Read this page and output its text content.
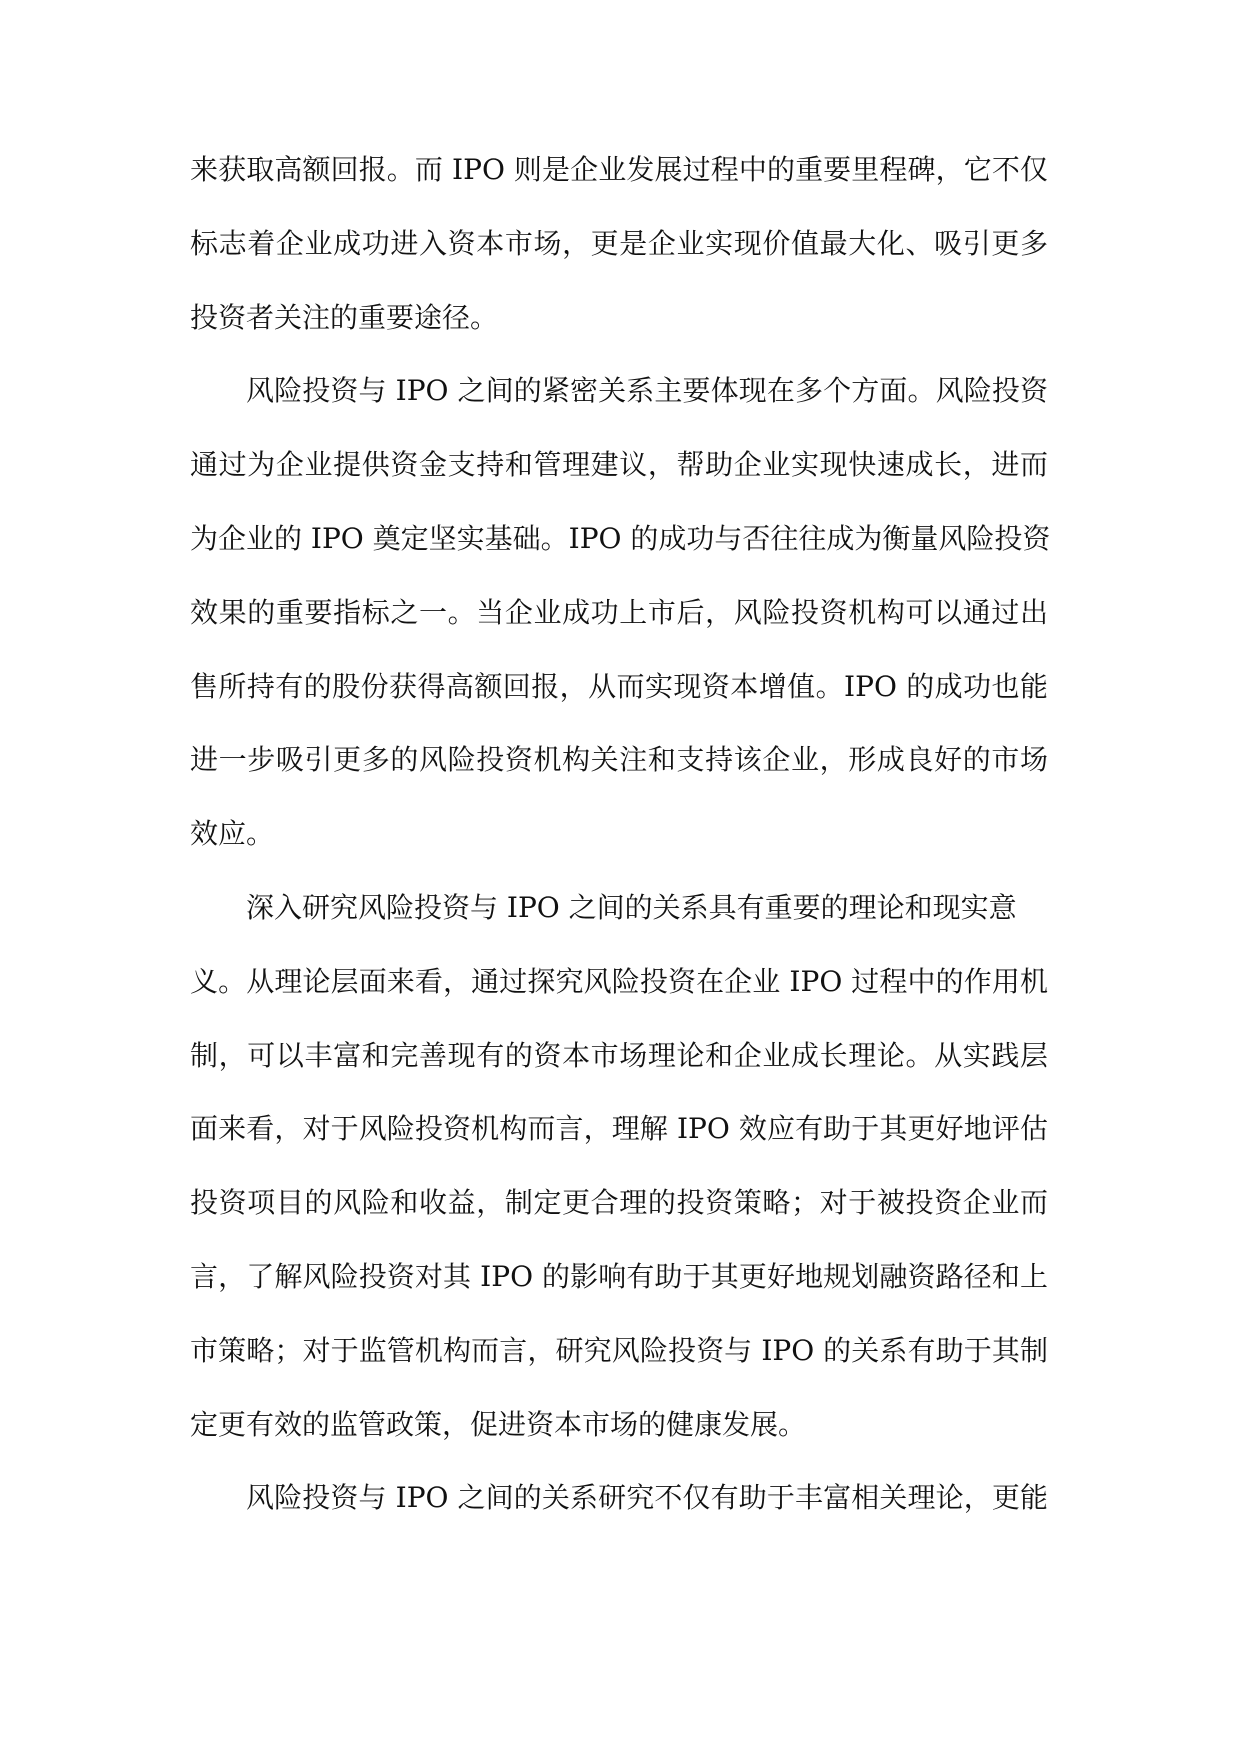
来获取高额回报。而 IPO 则是企业发展过程中的重要里程碑，它不仅
标志着企业成功进入资本市场，更是企业实现价值最大化、吸引更多
投资者关注的重要途径。
风险投资与 IPO 之间的紧密关系主要体现在多个方面。风险投资
通过为企业提供资金支持和管理建议，帮助企业实现快速成长，进而
为企业的 IPO 奠定坚实基础。IPO 的成功与否往往成为衡量风险投资
效果的重要指标之一。当企业成功上市后，风险投资机构可以通过出
售所持有的股份获得高额回报，从而实现资本增值。IPO 的成功也能
进一步吸引更多的风险投资机构关注和支持该企业，形成良好的市场
效应。
深入研究风险投资与 IPO 之间的关系具有重要的理论和现实意
义。从理论层面来看，通过探究风险投资在企业 IPO 过程中的作用机
制，可以丰富和完善现有的资本市场理论和企业成长理论。从实践层
面来看，对于风险投资机构而言，理解 IPO 效应有助于其更好地评估
投资项目的风险和收益，制定更合理的投资策略；对于被投资企业而
言，了解风险投资对其 IPO 的影响有助于其更好地规划融资路径和上
市策略；对于监管机构而言，研究风险投资与 IPO 的关系有助于其制
定更有效的监管政策，促进资本市场的健康发展。
风险投资与 IPO 之间的关系研究不仅有助于丰富相关理论，更能
